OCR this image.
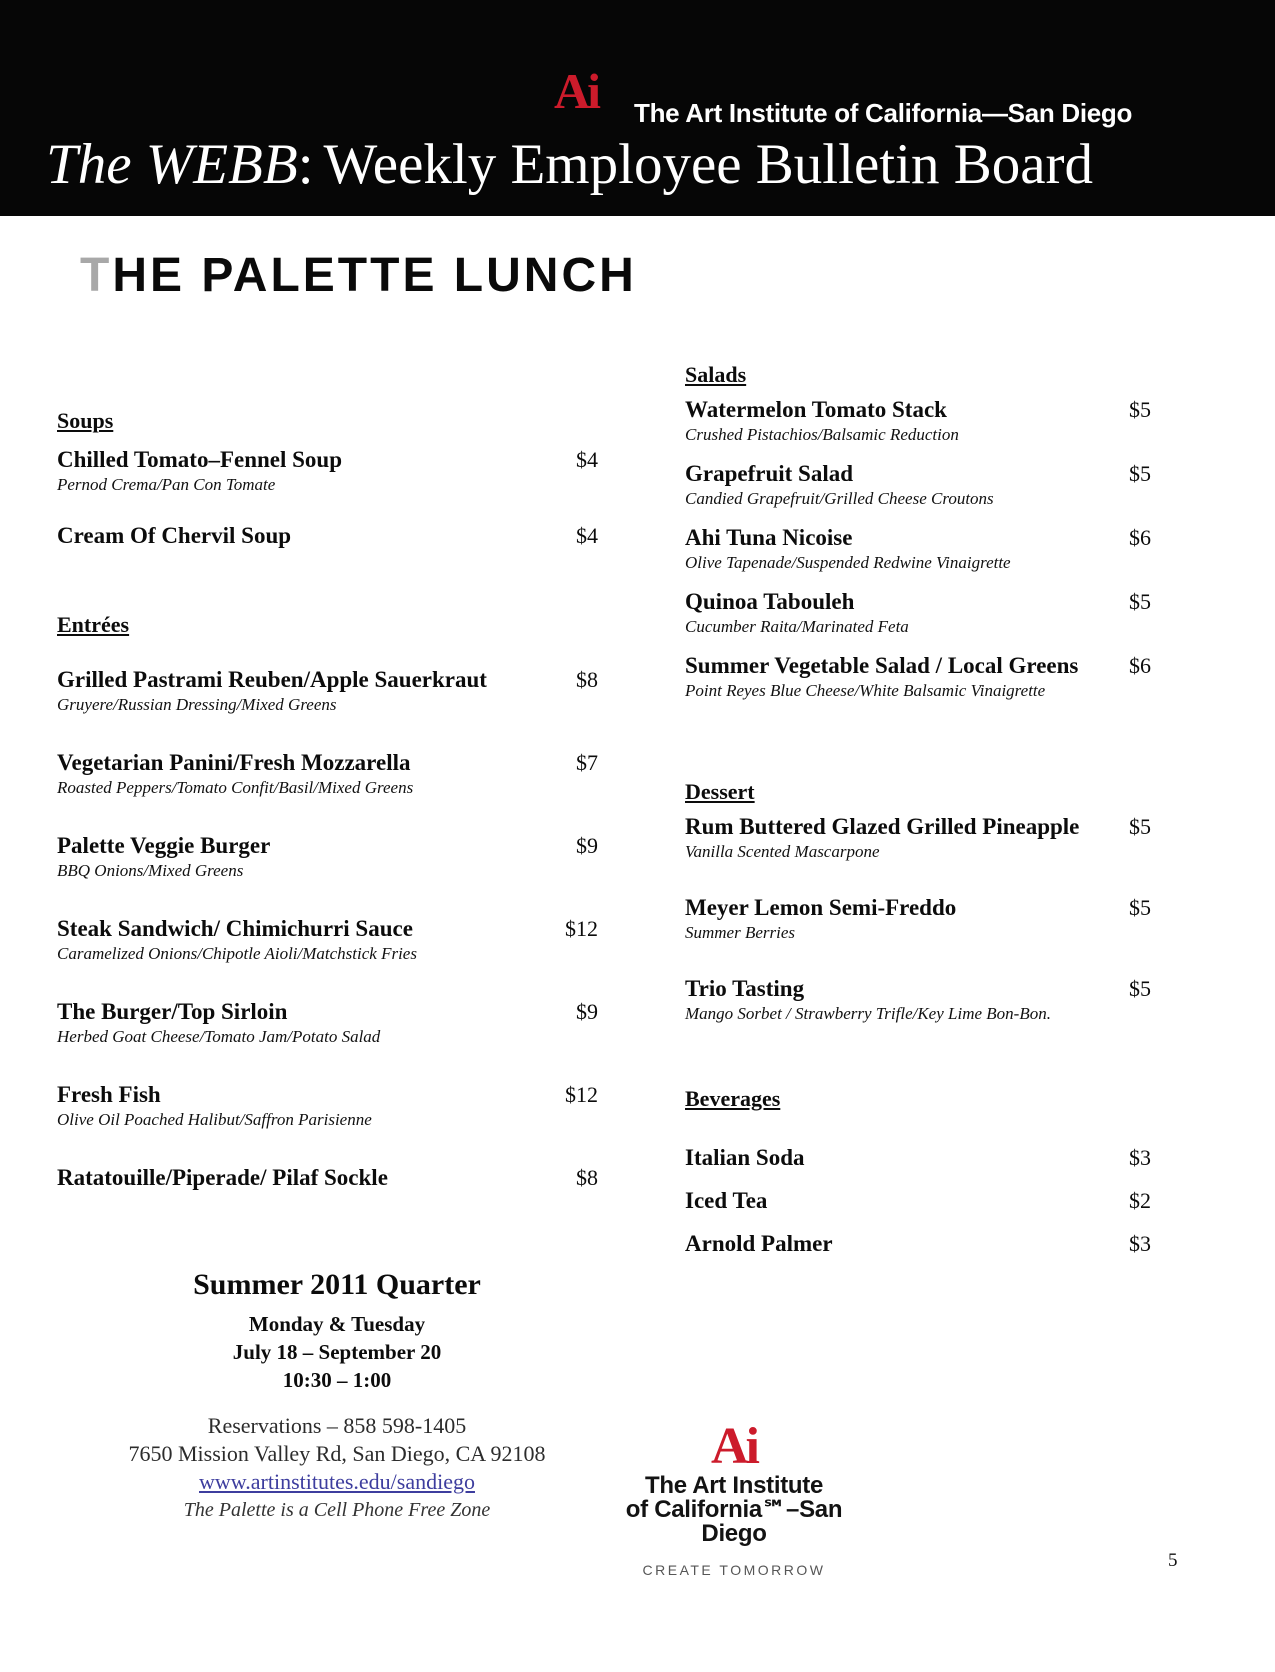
Ai The Art Institute of California—San Diego
The WEBB: Weekly Employee Bulletin Board
THE PALETTE LUNCH
Soups
Chilled Tomato–Fennel Soup	$4
Pernod Crema/Pan Con Tomate
Cream Of Chervil Soup	$4
Entrées
Grilled Pastrami Reuben/Apple Sauerkraut	$8
Gruyere/Russian Dressing/Mixed Greens
Vegetarian Panini/Fresh Mozzarella	$7
Roasted Peppers/Tomato Confit/Basil/Mixed Greens
Palette Veggie Burger	$9
BBQ Onions/Mixed Greens
Steak Sandwich/ Chimichurri Sauce	$12
Caramelized Onions/Chipotle Aioli/Matchstick Fries
The Burger/Top Sirloin	$9
Herbed Goat Cheese/Tomato Jam/Potato Salad
Fresh Fish	$12
Olive Oil Poached Halibut/Saffron Parisienne
Ratatouille/Piperade/ Pilaf Sockle	$8
Salads
Watermelon Tomato Stack	$5
Crushed Pistachios/Balsamic Reduction
Grapefruit Salad	$5
Candied Grapefruit/Grilled Cheese Croutons
Ahi Tuna Nicoise	$6
Olive Tapenade/Suspended Redwine Vinaigrette
Quinoa Tabouleh	$5
Cucumber Raita/Marinated Feta
Summer Vegetable Salad / Local Greens	$6
Point Reyes Blue Cheese/White Balsamic Vinaigrette
Dessert
Rum Buttered Glazed Grilled Pineapple	$5
Vanilla Scented Mascarpone
Meyer Lemon Semi-Freddo	$5
Summer Berries
Trio Tasting	$5
Mango Sorbet / Strawberry Trifle/Key Lime Bon-Bon.
Beverages
Italian Soda	$3
Iced Tea	$2
Arnold Palmer	$3
Summer 2011 Quarter
Monday & Tuesday
July 18 – September 20
10:30 – 1:00
Reservations – 858 598-1405
7650 Mission Valley Rd, San Diego, CA 92108
www.artinstitutes.edu/sandiego
The Palette is a Cell Phone Free Zone
Ai
The Art Institute
of California℠–San Diego
CREATE TOMORROW	5
